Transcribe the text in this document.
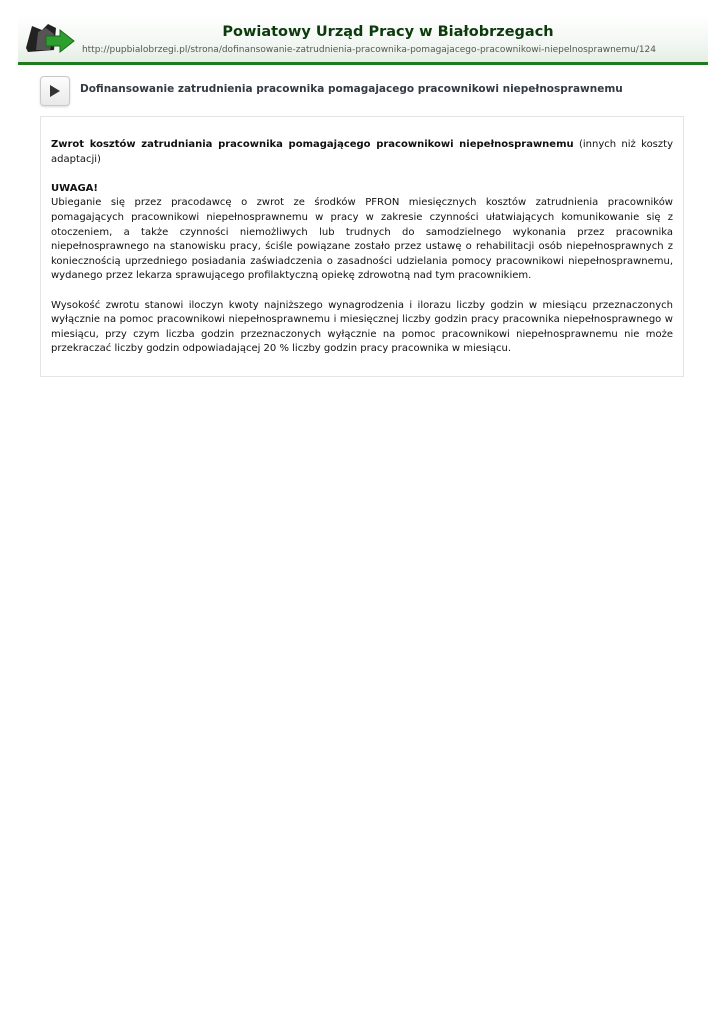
Powiatowy Urząd Pracy w Białobrzegach
http://pupbialobrzegi.pl/strona/dofinansowanie-zatrudnienia-pracownika-pomagajacego-pracownikowi-niepelnosprawnemu/124
Dofinansowanie zatrudnienia pracownika pomagajacego pracownikowi niepełnosprawnemu

Zwrot kosztów zatrudniania pracownika pomagającego pracownikowi niepełnosprawnemu (innych niż koszty adaptacji)

UWAGA!
Ubieganie się przez pracodawcę o zwrot ze środków PFRON miesięcznych kosztów zatrudnienia pracowników pomagających pracownikowi niepełnosprawnemu w pracy w zakresie czynności ułatwiających komunikowanie się z otoczeniem, a także czynności niemożliwych lub trudnych do samodzielnego wykonania przez pracownika niepełnosprawnego na stanowisku pracy, ściśle powiązane zostało przez ustawę o rehabilitacji osób niepełnosprawnych z koniecznością uprzedniego posiadania zaświadczenia o zasadności udzielania pomocy pracownikowi niepełnosprawnemu, wydanego przez lekarza sprawującego profilaktyczną opiekę zdrowotną nad tym pracownikiem.

Wysokość zwrotu stanowi iloczyn kwoty najniższego wynagrodzenia i ilorazu liczby godzin w miesiącu przeznaczonych wyłącznie na pomoc pracownikowi niepełnosprawnemu i miesięcznej liczby godzin pracy pracownika niepełnosprawnego w miesiącu, przy czym liczba godzin przeznaczonych wyłącznie na pomoc pracownikowi niepełnosprawnemu nie może przekraczać liczby godzin odpowiadającej 20 % liczby godzin pracy pracownika w miesiącu.
